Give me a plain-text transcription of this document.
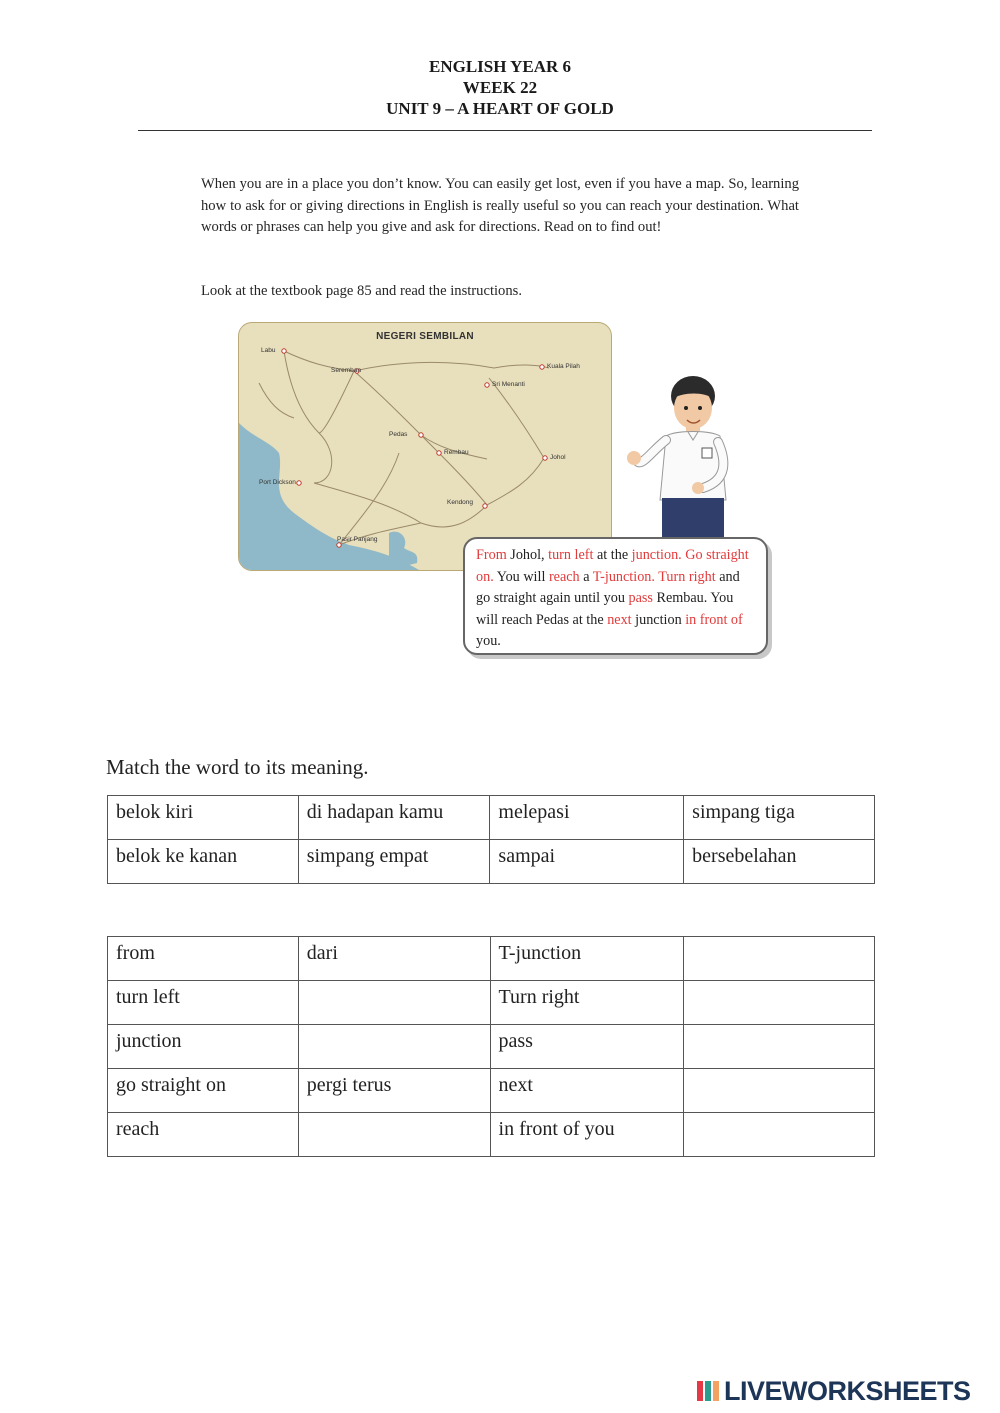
ENGLISH YEAR 6
WEEK 22
UNIT 9 – A HEART OF GOLD
When you are in a place you don’t know. You can easily get lost, even if you have a map. So, learning how to ask for or giving directions in English is really useful so you can reach your destination. What words or phrases can help you give and ask for directions. Read on to find out!
Look at the textbook page 85 and read the instructions.
NEGERI SEMBILAN
Labu
Seremban
Kuala Pilah
Sri Menanti
Pedas
Rembau
Johol
Port Dickson
Kendong
Pasir Panjang
From Johol, turn left at the junction. Go straight on. You will reach a T-junction. Turn right and go straight again until you pass Rembau. You will reach Pedas at the next junction in front of you.
Match the word to its meaning.
belok kiri	di hadapan kamu	melepasi	simpang tiga
belok ke kanan	simpang empat	sampai	bersebelahan
from	dari	T-junction	
turn left		Turn right	
junction		pass	
go straight on	pergi terus	next	
reach		in front of you	
LIVEWORKSHEETS
